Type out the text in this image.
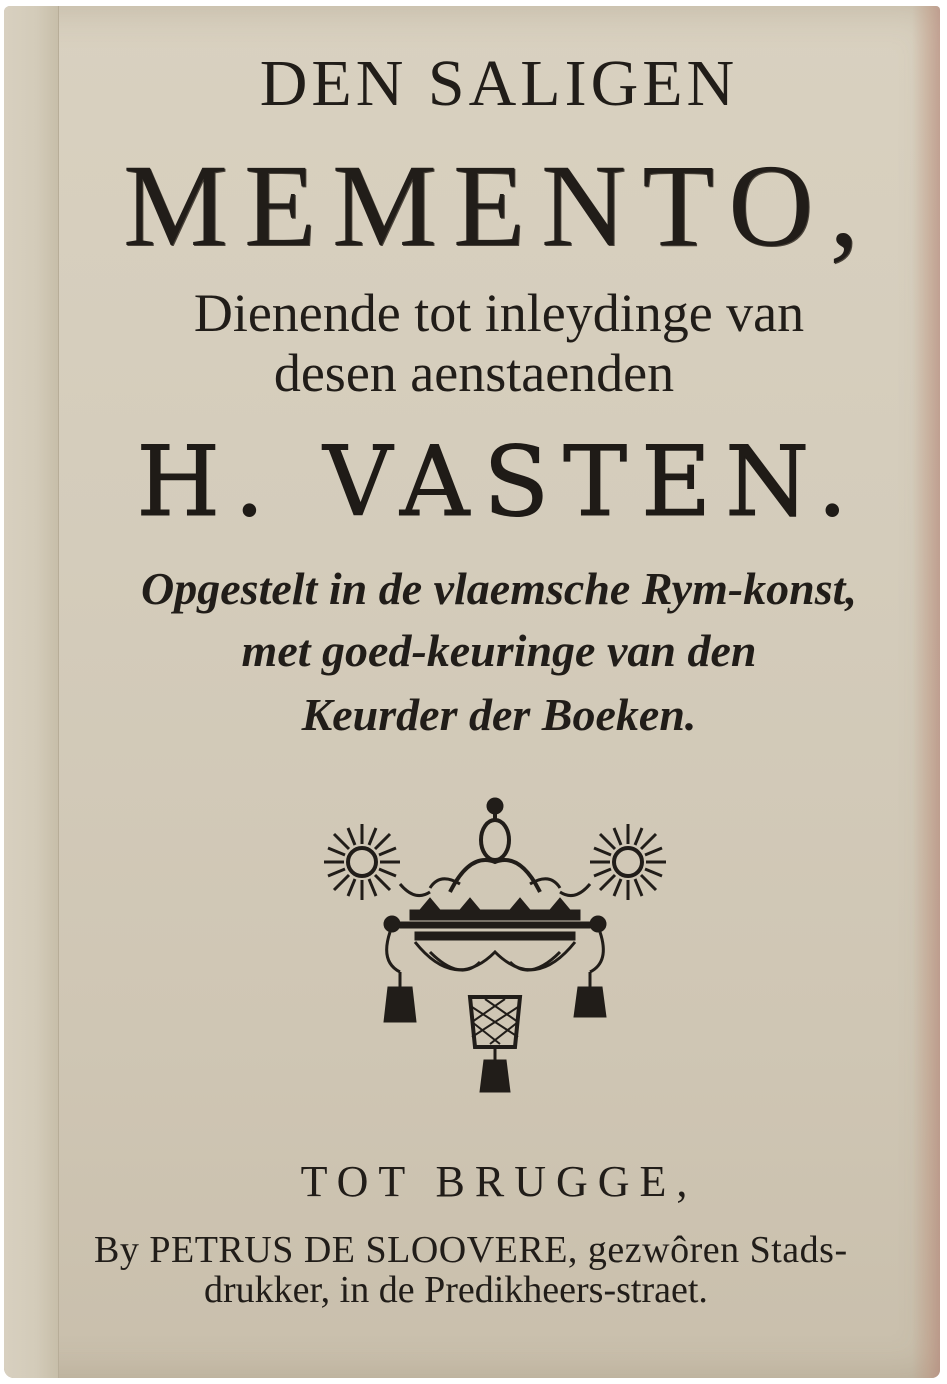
DEN SALIGEN
MEMENTO,
Dienende tot inleydinge van
desen aenstaenden
H. VASTEN.
Opgestelt in de vlaemsche Rym-konst,
met goed-keuringe van den
Keurder der Boeken.
TOT BRUGGE,
By PETRUS DE SLOOVERE, gezwôren Stads-
drukker, in de Predikheers-straet.
